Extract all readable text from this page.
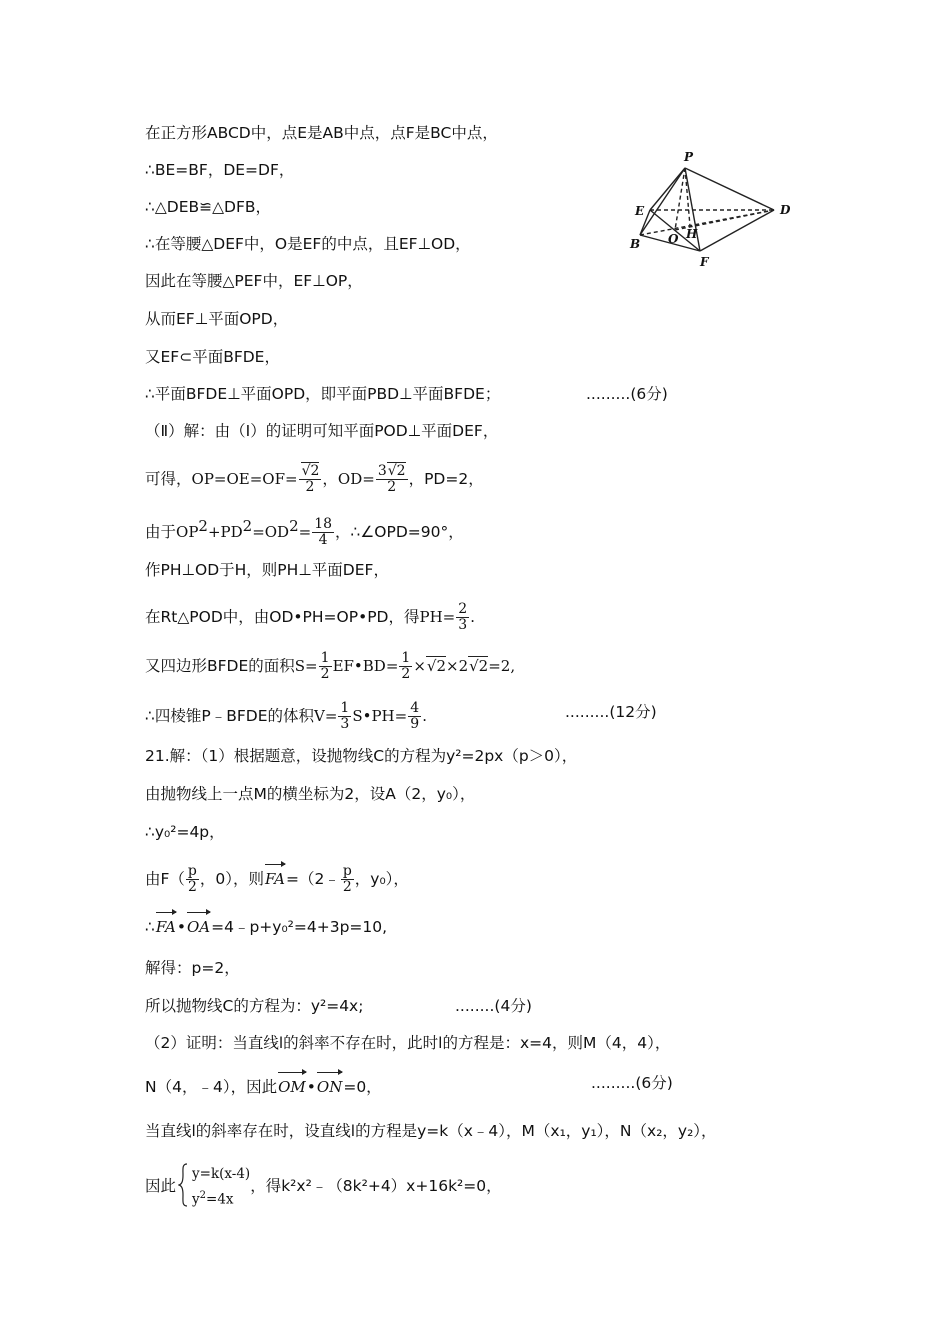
在正方形ABCD中，点E是AB中点，点F是BC中点，
∴BE=BF，DE=DF，
∴△DEB≌△DFB，
∴在等腰△DEF中，O是EF的中点，且EF⊥OD，
因此在等腰△PEF中，EF⊥OP，
从而EF⊥平面OPD，
又EF⊂平面BFDE，
∴平面BFDE⊥平面OPD，即平面PBD⊥平面BFDE；	.........(6分)
（Ⅱ）解：由（Ⅰ）的证明可知平面POD⊥平面DEF，
可得，$OP=OE=OF= \frac{√2}{2}$ ，$OD= \frac{3√2}{2}$ ，PD=2，
由于$OP^2+PD^2=OD^2= \frac{18}{4}$ ，∴∠OPD=90°，
作PH⊥OD于H，则PH⊥平面DEF，
在Rt△POD中，由OD•PH=OP•PD，得$PH= \frac{2}{3}$ .
又四边形BFDE的面积$S= \frac{1}{2}$ EF•BD= $\frac{1}{2} \times√2\times 2√2=2$,
∴四棱锥P﹣BFDE的体积$V= \frac{1}{3}$ S•PH= $\frac{4}{9}$ .	.........(12分)
21.解：（1）根据题意，设抛物线C的方程为y²=2px（p＞0），
由抛物线上一点M的横坐标为2，设A（2，y₀），
∴y₀²=4p，
由$F( \frac{p}{2}$ ，0），则
FA=（2﹣ $\frac{p}{2}$ ，y₀），
∴
FA•
OA=4﹣p+y₀²=4+3p=10,
解得：p=2，
所以抛物线C的方程为：y²=4x;	........(4分)
（2）证明：当直线l的斜率不存在时，此时l的方程是：x=4，则M（4，4），
N（4，﹣4），因此
OM•
ON=0，	.........(6分)
当直线l的斜率存在时，设直线l的方程是y=k（x﹣4），M（x₁，y₁），N（x₂，y₂），
因此
y=k(x-4)
$y^2=4x$
，得k²x²﹣（8k²+4）x+16k²=0，
P
E	D
B O H
F
